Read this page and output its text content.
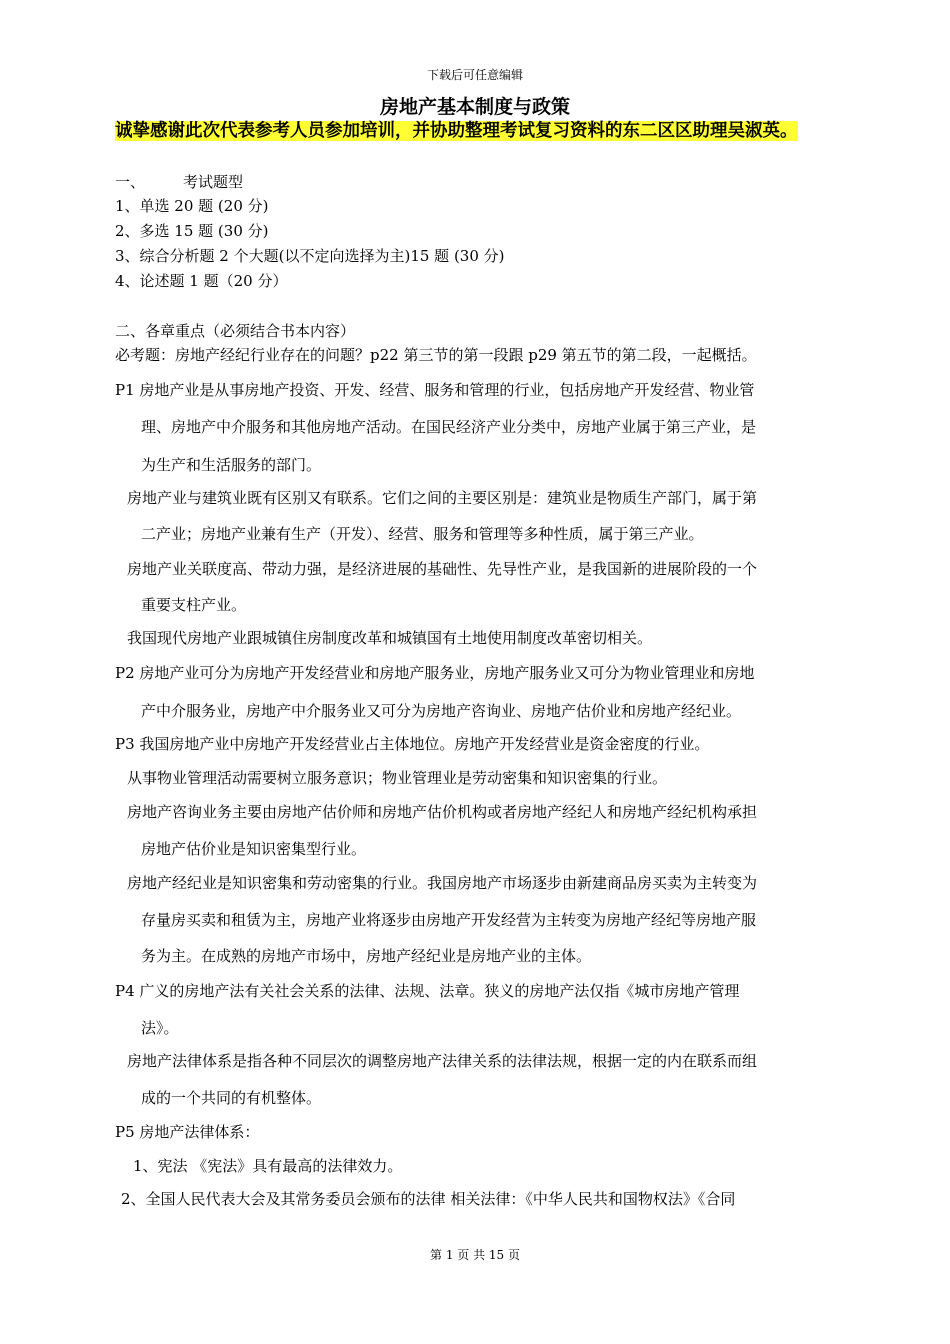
下载后可任意编辑
房地产基本制度与政策
诚挚感谢此次代表参考人员参加培训，并协助整理考试复习资料的东二区区助理吴淑英。
一、	考试题型
1、单选 20 题 (20 分)
2、多选 15 题 (30 分)
3、综合分析题 2 个大题(以不定向选择为主)15 题 (30 分)
4、论述题 1 题（20 分）
二、各章重点（必须结合书本内容）
必考题：房地产经纪行业存在的问题？p22 第三节的第一段跟 p29 第五节的第二段，一起概括。
P1 房地产业是从事房地产投资、开发、经营、服务和管理的行业，包括房地产开发经营、物业管
理、房地产中介服务和其他房地产活动。在国民经济产业分类中，房地产业属于第三产业，是
为生产和生活服务的部门。
房地产业与建筑业既有区别又有联系。它们之间的主要区别是：建筑业是物质生产部门，属于第
二产业；房地产业兼有生产（开发）、经营、服务和管理等多种性质，属于第三产业。
房地产业关联度高、带动力强，是经济进展的基础性、先导性产业，是我国新的进展阶段的一个
重要支柱产业。
我国现代房地产业跟城镇住房制度改革和城镇国有土地使用制度改革密切相关。
P2 房地产业可分为房地产开发经营业和房地产服务业，房地产服务业又可分为物业管理业和房地
产中介服务业，房地产中介服务业又可分为房地产咨询业、房地产估价业和房地产经纪业。
P3 我国房地产业中房地产开发经营业占主体地位。房地产开发经营业是资金密度的行业。
从事物业管理活动需要树立服务意识；物业管理业是劳动密集和知识密集的行业。
房地产咨询业务主要由房地产估价师和房地产估价机构或者房地产经纪人和房地产经纪机构承担
房地产估价业是知识密集型行业。
房地产经纪业是知识密集和劳动密集的行业。我国房地产市场逐步由新建商品房买卖为主转变为
存量房买卖和租赁为主，房地产业将逐步由房地产开发经营为主转变为房地产经纪等房地产服
务为主。在成熟的房地产市场中，房地产经纪业是房地产业的主体。
P4 广义的房地产法有关社会关系的法律、法规、法章。狭义的房地产法仅指《城市房地产管理
法》。
房地产法律体系是指各种不同层次的调整房地产法律关系的法律法规，根据一定的内在联系而组
成的一个共同的有机整体。
P5 房地产法律体系：
1、宪法 《宪法》具有最高的法律效力。
2、全国人民代表大会及其常务委员会颁布的法律 相关法律：《中华人民共和国物权法》《合同
第 1 页 共 15 页
